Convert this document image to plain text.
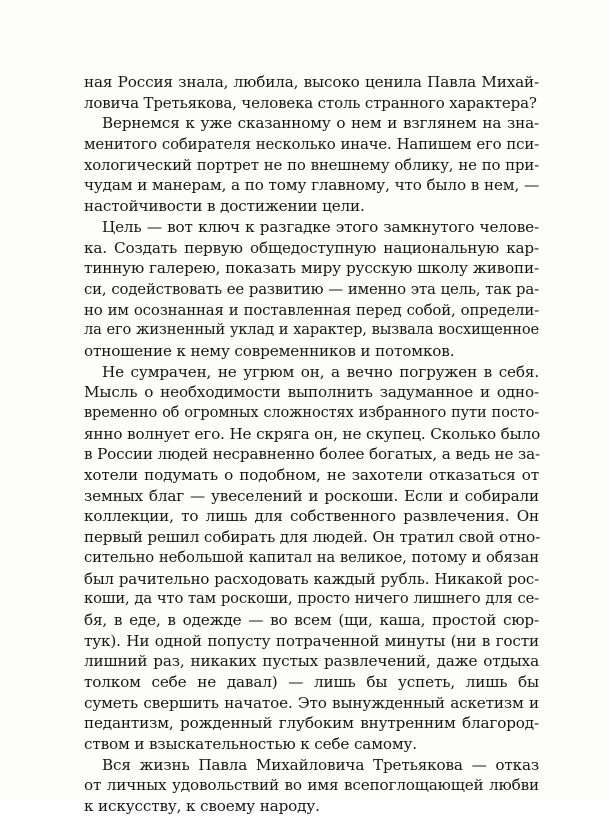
ная Россия знала, любила, высоко ценила Павла Михай-
ловича Третьякова, человека столь странного характера?
Вернемся к уже сказанному о нем и взглянем на зна-
менитого собирателя несколько иначе. Напишем его пси-
хологический портрет не по внешнему облику, не по при-
чудам и манерам, а по тому главному, что было в нем, —
настойчивости в достижении цели.
Цель — вот ключ к разгадке этого замкнутого челове-
ка. Создать первую общедоступную национальную кар-
тинную галерею, показать миру русскую школу живопи-
си, содействовать ее развитию — именно эта цель, так ра-
но им осознанная и поставленная перед собой, определи-
ла его жизненный уклад и характер, вызвала восхищенное
отношение к нему современников и потомков.
Не сумрачен, не угрюм он, а вечно погружен в себя.
Мысль о необходимости выполнить задуманное и одно-
временно об огромных сложностях избранного пути посто-
янно волнует его. Не скряга он, не скупец. Сколько было
в России людей несравненно более богатых, а ведь не за-
хотели подумать о подобном, не захотели отказаться от
земных благ — увеселений и роскоши. Если и собирали
коллекции, то лишь для собственного развлечения. Он
первый решил собирать для людей. Он тратил свой отно-
сительно небольшой капитал на великое, потому и обязан
был рачительно расходовать каждый рубль. Никакой рос-
коши, да что там роскоши, просто ничего лишнего для се-
бя, в еде, в одежде — во всем (щи, каша, простой сюр-
тук). Ни одной попусту потраченной минуты (ни в гости
лишний раз, никаких пустых развлечений, даже отдыха
толком себе не давал) — лишь бы успеть, лишь бы
суметь свершить начатое. Это вынужденный аскетизм и
педантизм, рожденный глубоким внутренним благород-
ством и взыскательностью к себе самому.
Вся жизнь Павла Михайловича Третьякова — отказ
от личных удовольствий во имя всепоглощающей любви
к искусству, к своему народу.
